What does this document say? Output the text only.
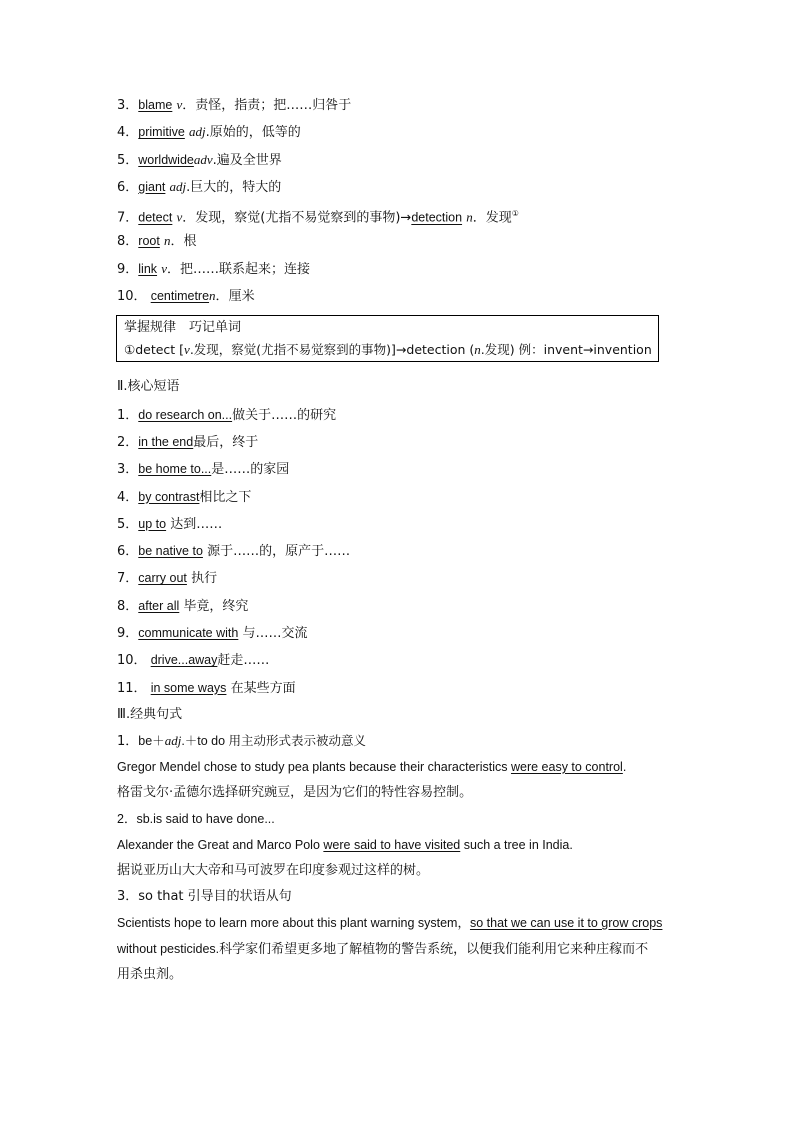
3．blame v．责怪，指责；把……归咎于
4．primitive adj.原始的，低等的
5．worldwideadv.遍及全世界
6．giant adj.巨大的，特大的
7．detect v．发现，察觉(尤指不易觉察到的事物)→detection n．发现①
8．root n．根
9．link v．把……联系起来；连接
10． centimetren．厘米
掌握规律　巧记单词
①detect [v.发现，察觉(尤指不易觉察到的事物)]→detection (n.发现) 例：invent→invention
Ⅱ.核心短语
1．do research on...做关于……的研究
2．in the end最后，终于
3．be home to...是……的家园
4．by contrast相比之下
5．up to 达到……
6．be native to 源于……的，原产于……
7．carry out 执行
8．after all 毕竟，终究
9．communicate with 与……交流
10． drive...away赶走……
11． in some ways 在某些方面
Ⅲ.经典句式
1．be＋adj.＋to do 用主动形式表示被动意义
Gregor Mendel chose to study pea plants because their characteristics were easy to control.
格雷戈尔·孟德尔选择研究豌豆，是因为它们的特性容易控制。
2．sb.is said to have done...
Alexander the Great and Marco Polo were said to have visited such a tree in India.
据说亚历山大大帝和马可波罗在印度参观过这样的树。
3．so that 引导目的状语从句
Scientists hope to learn more about this plant warning system，so that we can use it to grow crops
without pesticides.科学家们希望更多地了解植物的警告系统，以便我们能利用它来种庄稼而不
用杀虫剂。
